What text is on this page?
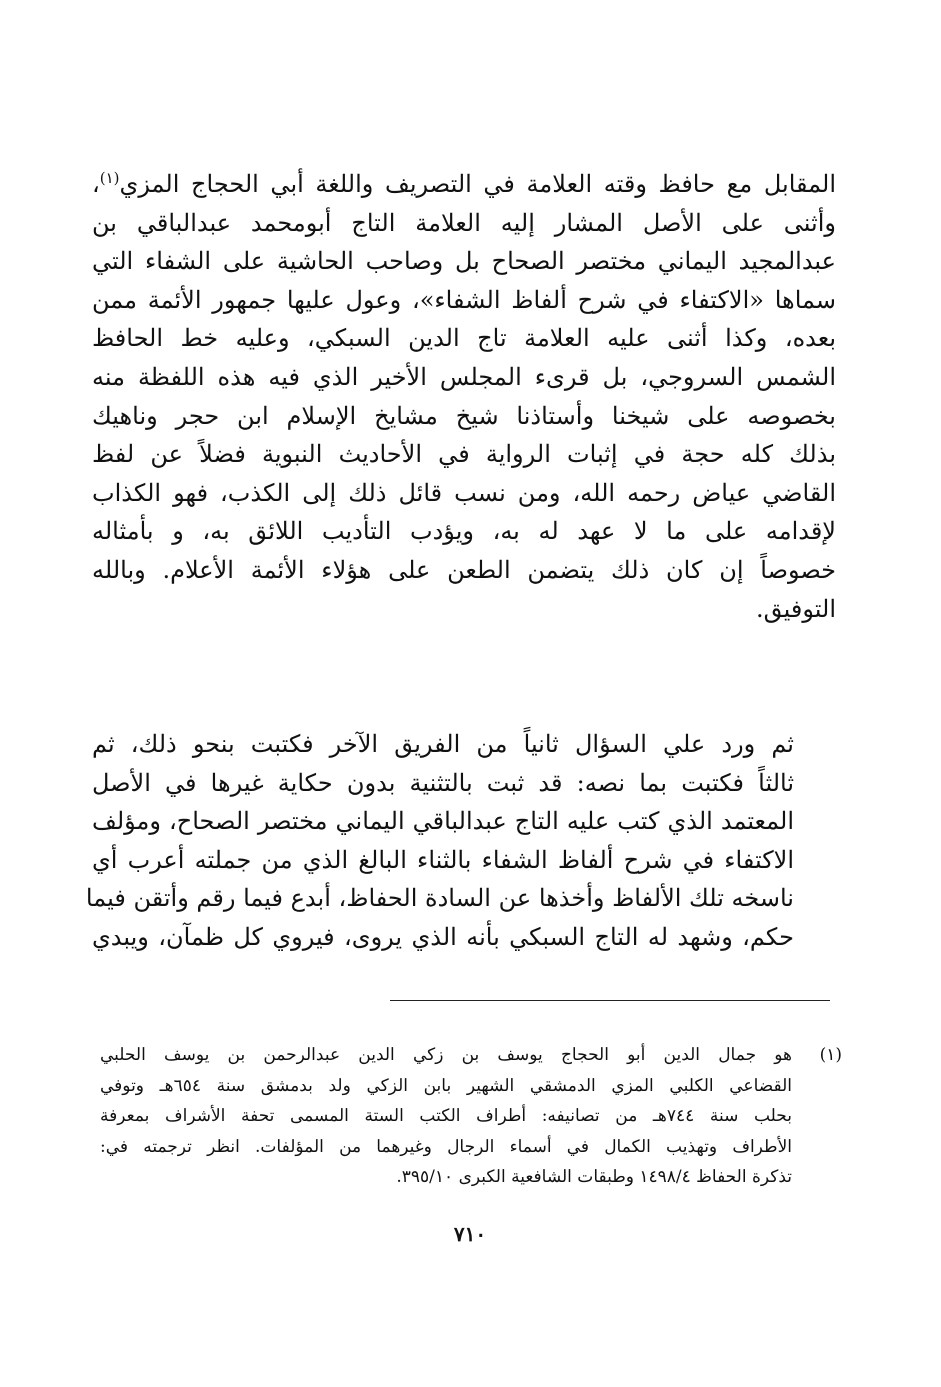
المقابل مع حافظ وقته العلامة في التصريف واللغة أبي الحجاج المزي$^{(١)}$،
وأثنى على الأصل المشار إليه العلامة التاج أبومحمد عبدالباقي بن
عبدالمجيد اليماني مختصر الصحاح بل وصاحب الحاشية على الشفاء التي
سماها «الاكتفاء في شرح ألفاظ الشفاء»، وعول عليها جمهور الأئمة ممن
بعده، وكذا أثنى عليه العلامة تاج الدين السبكي، وعليه خط الحافظ
الشمس السروجي، بل قرىء المجلس الأخير الذي فيه هذه اللفظة منه
بخصوصه على شيخنا وأستاذنا شيخ مشايخ الإسلام ابن حجر وناهيك
بذلك كله حجة في إثبات الرواية في الأحاديث النبوية فضلاً عن لفظ
القاضي عياض رحمه الله، ومن نسب قائل ذلك إلى الكذب، فهو الكذاب
لإقدامه على ما لا عهد له به، ويؤدب التأديب اللائق به، و بأمثاله
خصوصاً إن كان ذلك يتضمن الطعن على هؤلاء الأئمة الأعلام. وبالله
التوفيق.
ثم ورد علي السؤال ثانياً من الفريق الآخر فكتبت بنحو ذلك، ثم
ثالثاً فكتبت بما نصه: قد ثبت بالتثنية بدون حكاية غيرها في الأصل
المعتمد الذي كتب عليه التاج عبدالباقي اليماني مختصر الصحاح، ومؤلف
الاكتفاء في شرح ألفاظ الشفاء بالثناء البالغ الذي من جملته أعرب أي
ناسخه تلك الألفاظ وأخذها عن السادة الحفاظ، أبدع فيما رقم وأتقن فيما
حكم، وشهد له التاج السبكي بأنه الذي يروى، فيروي كل ظمآن، ويبدي
(١)
هو جمال الدين أبو الحجاج يوسف بن زكي الدين عبدالرحمن بن يوسف الحلبي
القضاعي الكلبي المزي الدمشقي الشهير بابن الزكي ولد بدمشق سنة ٦٥٤هـ وتوفي
بحلب سنة ٧٤٤هـ من تصانيفه: أطراف الكتب الستة المسمى تحفة الأشراف بمعرفة
الأطراف وتهذيب الكمال في أسماء الرجال وغيرهما من المؤلفات. انظر ترجمته في:
تذكرة الحفاظ ١٤٩٨/٤ وطبقات الشافعية الكبرى ٣٩٥/١٠.
٧١٠
